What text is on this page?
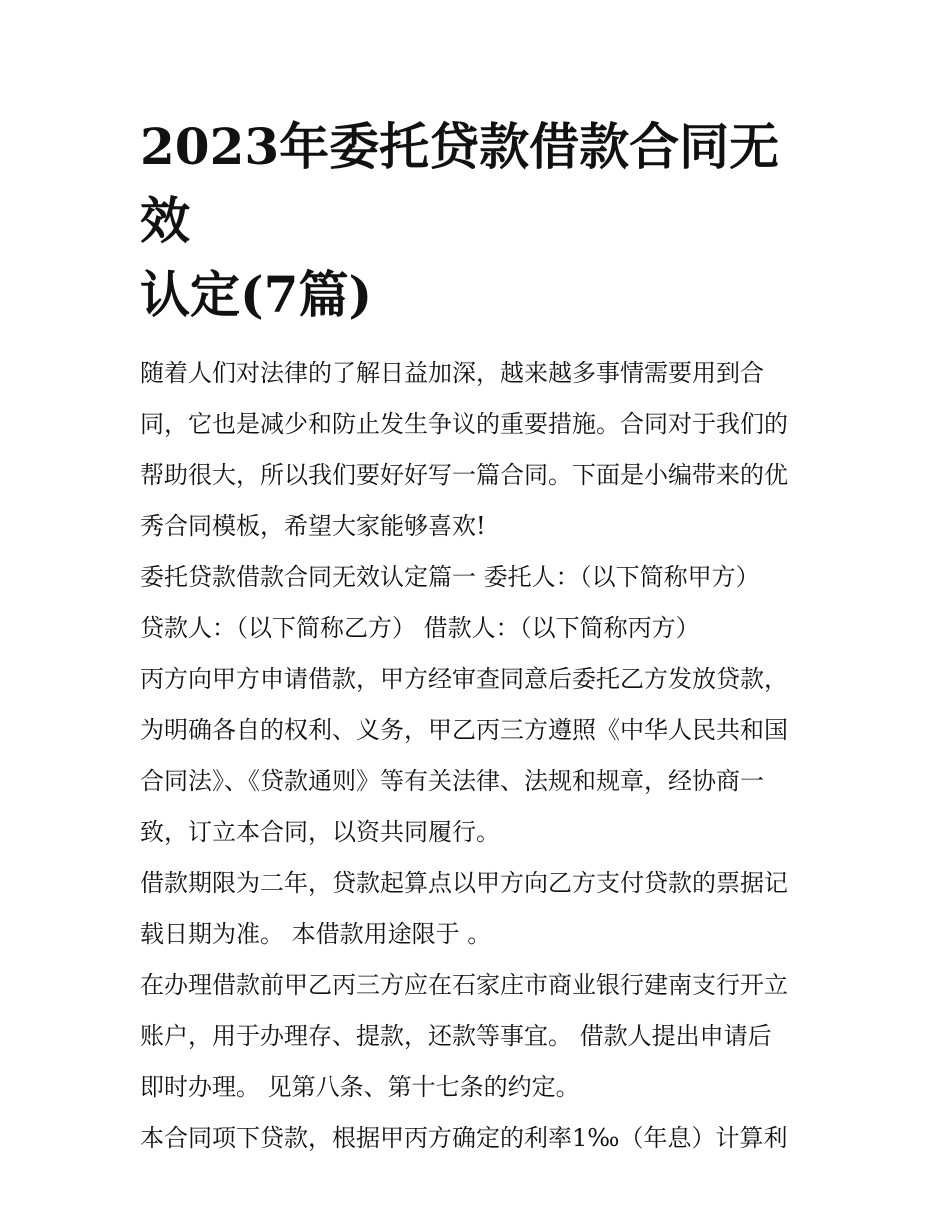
2023年委托贷款借款合同无效
认定(7篇)

随着人们对法律的了解日益加深，越来越多事情需要用到合

同，它也是减少和防止发生争议的重要措施。合同对于我们的

帮助很大，所以我们要好好写一篇合同。下面是小编带来的优

秀合同模板，希望大家能够喜欢!

委托贷款借款合同无效认定篇一 委托人：（以下简称甲方）

贷款人：（以下简称乙方） 借款人：（以下简称丙方）

丙方向甲方申请借款，甲方经审查同意后委托乙方发放贷款，

为明确各自的权利、义务，甲乙丙三方遵照《中华人民共和国

合同法》、《贷款通则》等有关法律、法规和规章，经协商一

致，订立本合同，以资共同履行。

借款期限为二年，贷款起算点以甲方向乙方支付贷款的票据记

载日期为准。 本借款用途限于 。

在办理借款前甲乙丙三方应在石家庄市商业银行建南支行开立

账户，用于办理存、提款，还款等事宜。 借款人提出申请后

即时办理。 见第八条、第十七条的约定。

本合同项下贷款，根据甲丙方确定的利率1‰（年息）计算利
